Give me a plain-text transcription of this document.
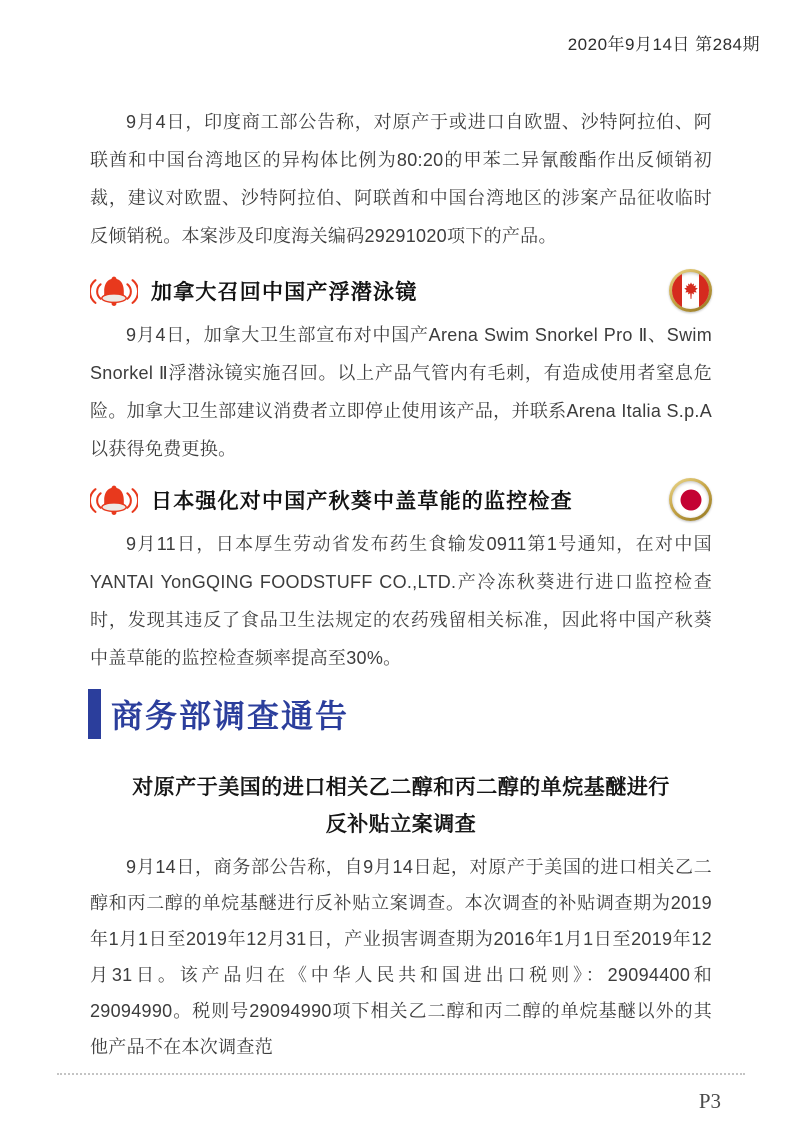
2020年9月14日 第284期

9月4日，印度商工部公告称，对原产于或进口自欧盟、沙特阿拉伯、阿联酋和中国台湾地区的异构体比例为80:20的甲苯二异氰酸酯作出反倾销初裁，建议对欧盟、沙特阿拉伯、阿联酋和中国台湾地区的涉案产品征收临时反倾销税。本案涉及印度海关编码29291020项下的产品。

加拿大召回中国产浮潜泳镜

9月4日，加拿大卫生部宣布对中国产Arena Swim Snorkel Pro Ⅱ、Swim Snorkel Ⅱ浮潜泳镜实施召回。以上产品气管内有毛刺，有造成使用者窒息危险。加拿大卫生部建议消费者立即停止使用该产品，并联系Arena Italia S.p.A以获得免费更换。

日本强化对中国产秋葵中盖草能的监控检查

9月11日，日本厚生劳动省发布药生食输发0911第1号通知，在对中国YANTAI YonGQING FOODSTUFF CO.,LTD.产冷冻秋葵进行进口监控检查时，发现其违反了食品卫生法规定的农药残留相关标准，因此将中国产秋葵中盖草能的监控检查频率提高至30%。

商务部调查通告
对原产于美国的进口相关乙二醇和丙二醇的单烷基醚进行
反补贴立案调查

9月14日，商务部公告称，自9月14日起，对原产于美国的进口相关乙二醇和丙二醇的单烷基醚进行反补贴立案调查。本次调查的补贴调查期为2019年1月1日至2019年12月31日，产业损害调查期为2016年1月1日至2019年12月31日。该产品归在《中华人民共和国进出口税则》：29094400和29094990。税则号29094990项下相关乙二醇和丙二醇的单烷基醚以外的其他产品不在本次调查范

P3
